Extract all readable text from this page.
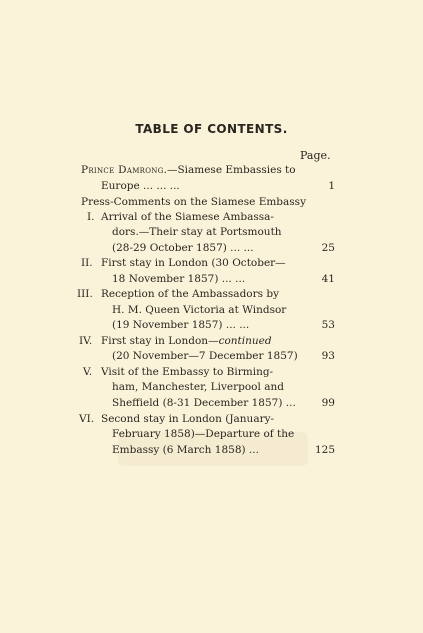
TABLE OF CONTENTS.
Page.
Prince Damrong.—Siamese Embassies to
Europe ... ... ...	1
Press-Comments on the Siamese Embassy
I. Arrival of the Siamese Ambassa-
dors.—Their stay at Portsmouth
(28-29 October 1857) ... ...	25
II. First stay in London (30 October—
18 November 1857) ... ...	41
III. Reception of the Ambassadors by
H. M. Queen Victoria at Windsor
(19 November 1857) ... ...	53
IV. First stay in London—continued
(20 November—7 December 1857) 93
V. Visit of the Embassy to Birming-
ham, Manchester, Liverpool and
Sheffield (8-31 December 1857) ... 99
VI. Second stay in London (January-
February 1858)—Departure of the
Embassy (6 March 1858) ...	125
